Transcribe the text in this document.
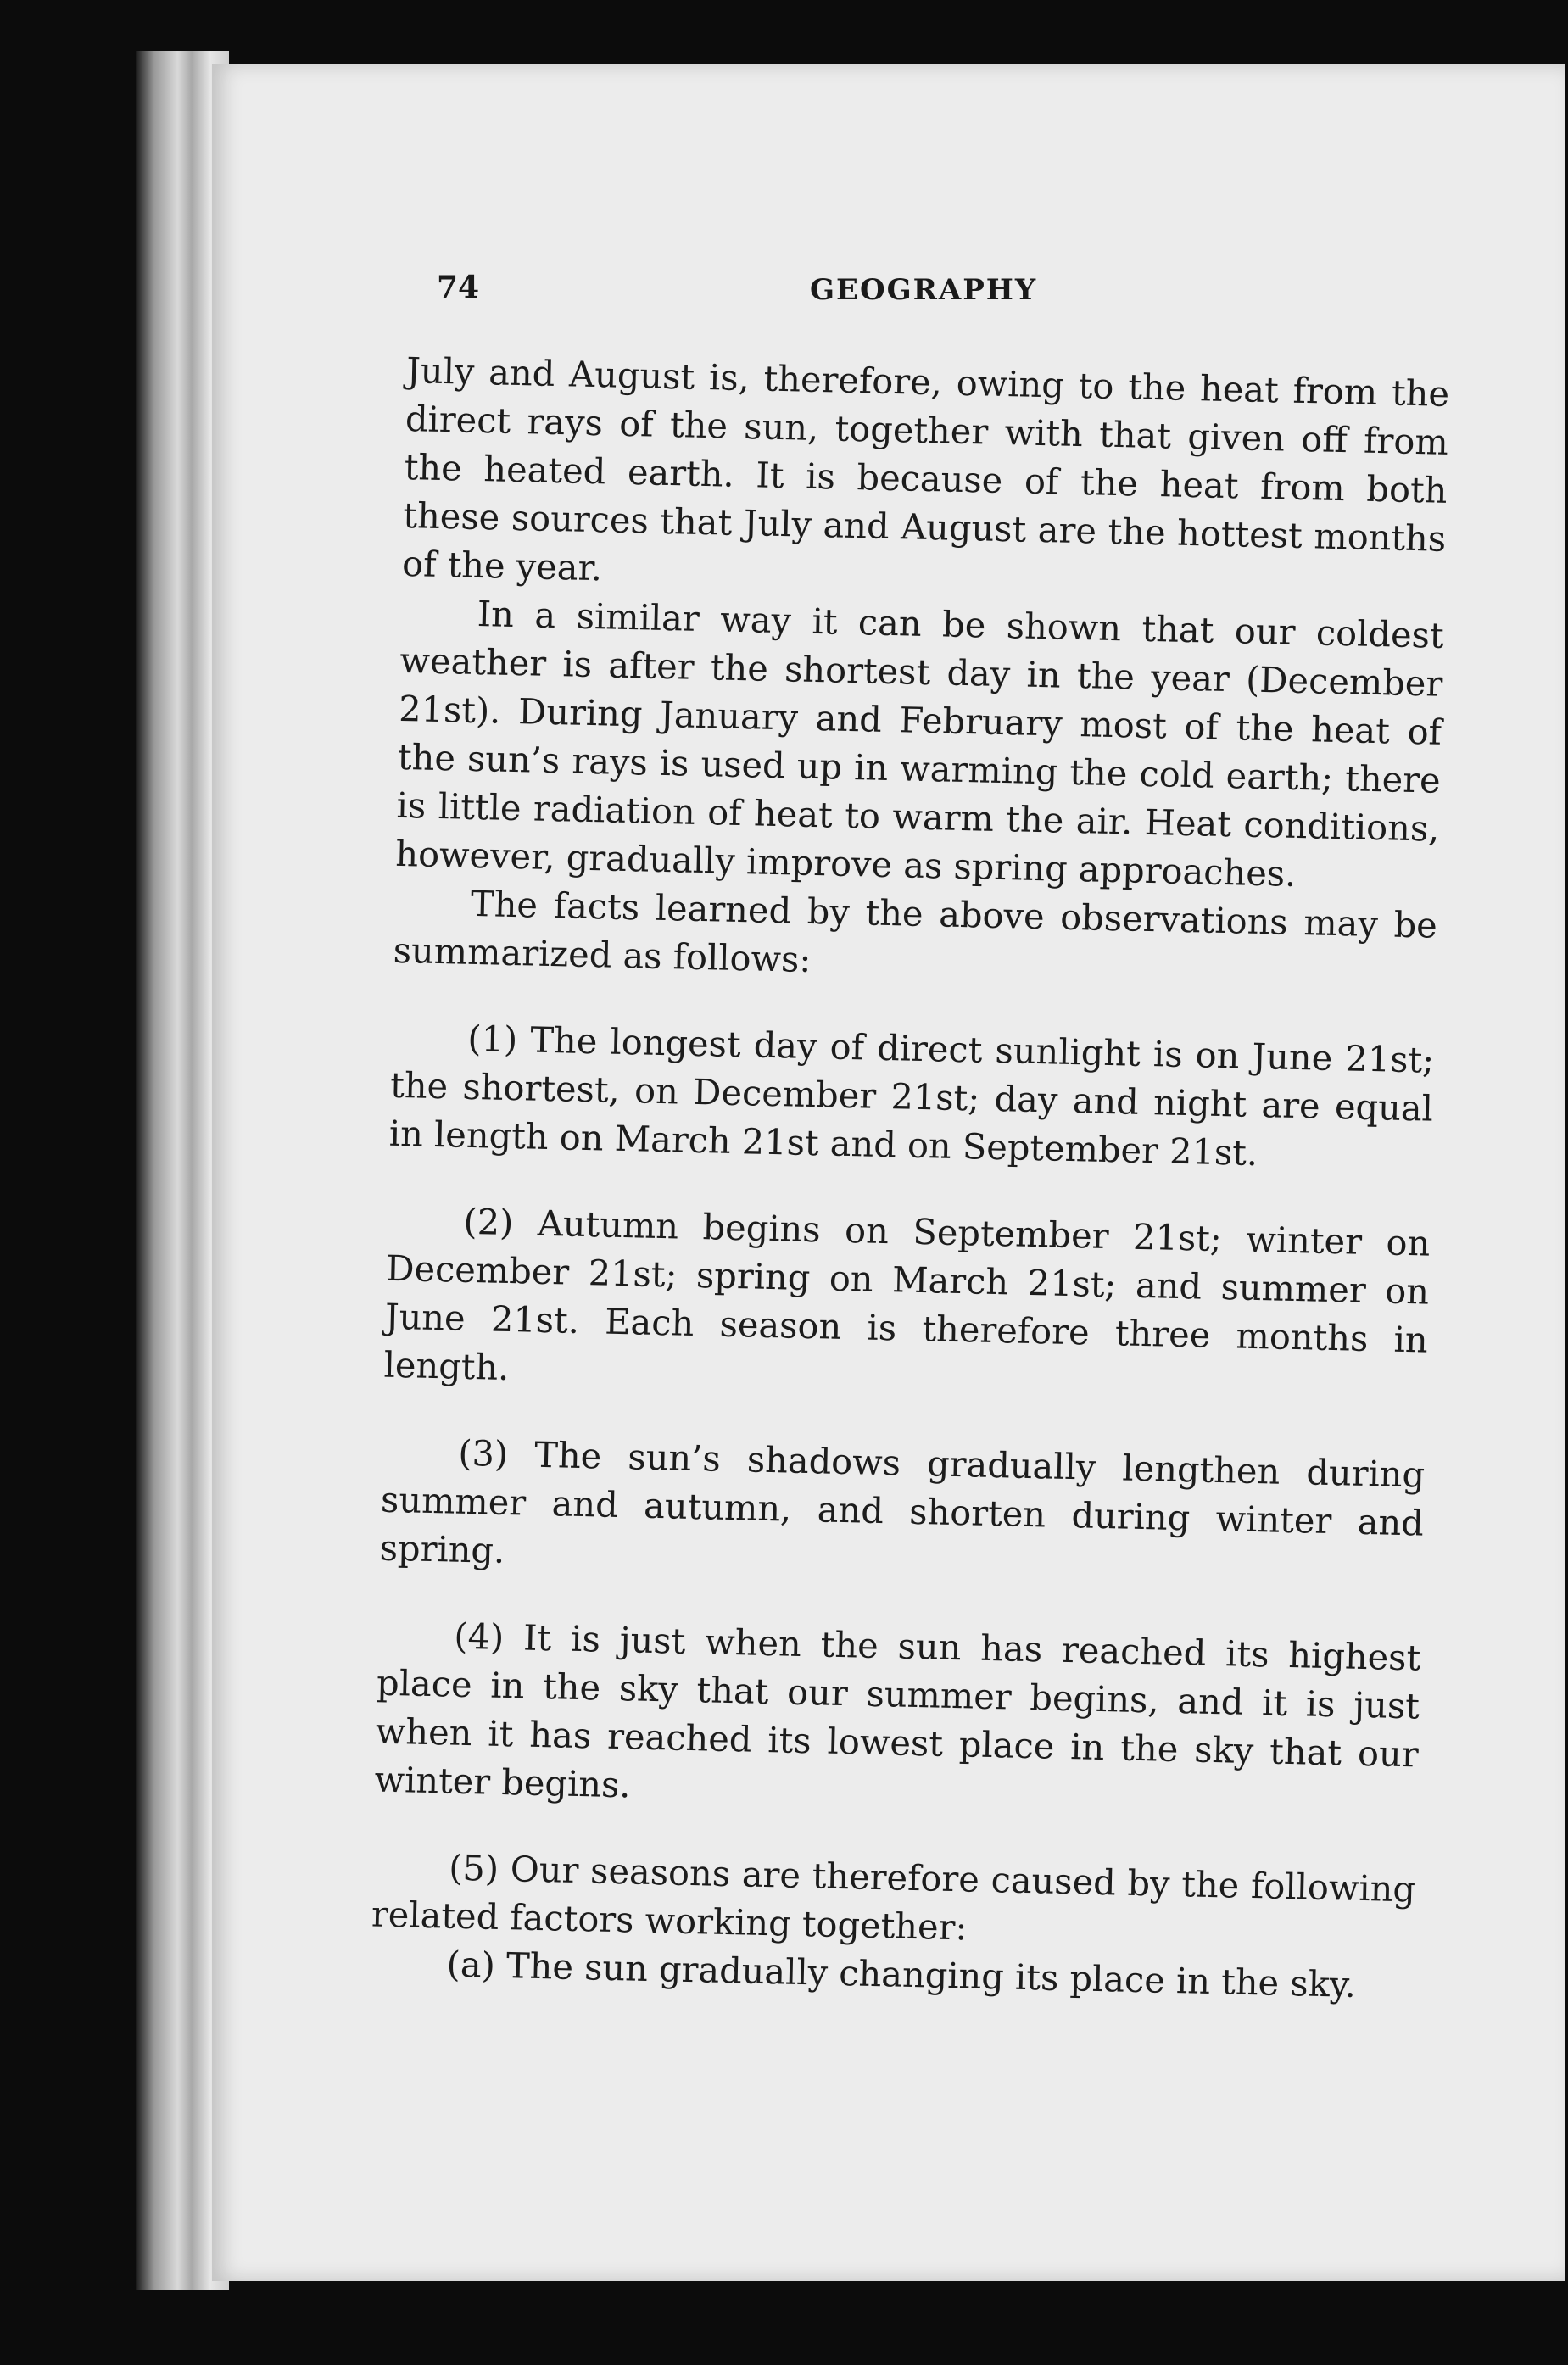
74	GEOGRAPHY

July and August is, therefore, owing to the heat from the direct rays of the sun, together with that given off from the heated earth. It is because of the heat from both these sources that July and August are the hottest months of the year.

In a similar way it can be shown that our coldest weather is after the shortest day in the year (December 21st). During January and February most of the heat of the sun’s rays is used up in warming the cold earth; there is little radiation of heat to warm the air. Heat conditions, however, gradually improve as spring approaches.

The facts learned by the above observations may be summarized as follows:

(1) The longest day of direct sunlight is on June 21st; the shortest, on December 21st; day and night are equal in length on March 21st and on September 21st.

(2) Autumn begins on September 21st; winter on December 21st; spring on March 21st; and summer on June 21st. Each season is therefore three months in length.

(3) The sun’s shadows gradually lengthen during summer and autumn, and shorten during winter and spring.

(4) It is just when the sun has reached its highest place in the sky that our summer begins, and it is just when it has reached its lowest place in the sky that our winter begins.

(5) Our seasons are therefore caused by the following related factors working together:

(a) The sun gradually changing its place in the sky.
